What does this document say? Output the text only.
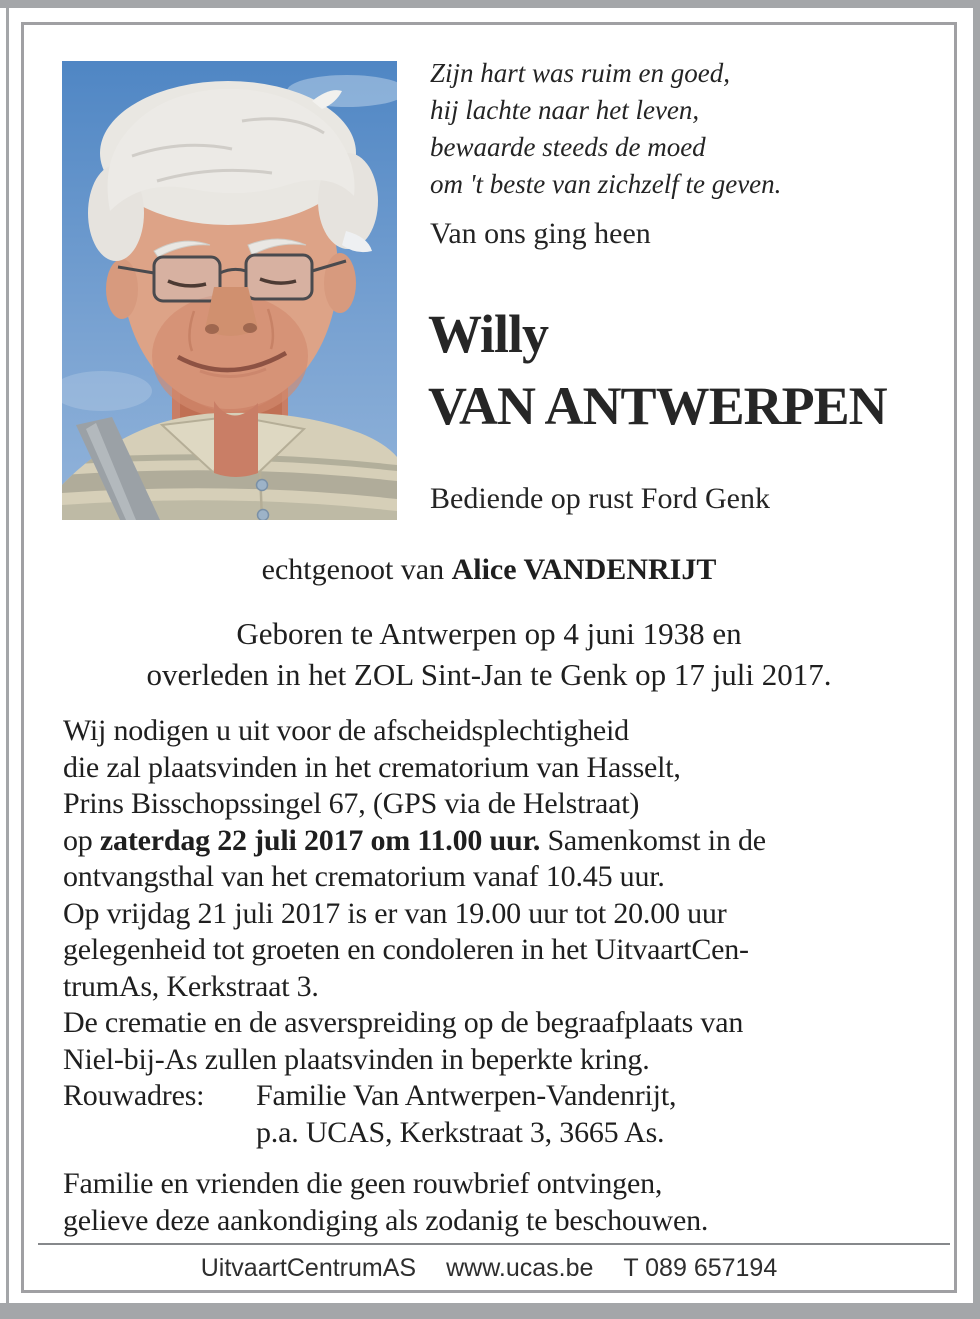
Zijn hart was ruim en goed,
hij lachte naar het leven,
bewaarde steeds de moed
om 't beste van zichzelf te geven.
Van ons ging heen
Willy
VAN ANTWERPEN
Bediende op rust Ford Genk
echtgenoot van Alice VANDENRIJT
Geboren te Antwerpen op 4 juni 1938 en
overleden in het ZOL Sint-Jan te Genk op 17 juli 2017.
Wij nodigen u uit voor de afscheidsplechtigheid
die zal plaatsvinden in het crematorium van Hasselt,
Prins Bisschopssingel 67, (GPS via de Helstraat)
op zaterdag 22 juli 2017 om 11.00 uur. Samenkomst in de
ontvangsthal van het crematorium vanaf 10.45 uur.
Op vrijdag 21 juli 2017 is er van 19.00 uur tot 20.00 uur
gelegenheid tot groeten en condoleren in het UitvaartCen-
trumAs, Kerkstraat 3.
De crematie en de asverspreiding op de begraafplaats van
Niel-bij-As zullen plaatsvinden in beperkte kring.
Rouwadres: Familie Van Antwerpen-Vandenrijt,
p.a. UCAS, Kerkstraat 3, 3665 As.
Familie en vrienden die geen rouwbrief ontvingen,
gelieve deze aankondiging als zodanig te beschouwen.
UitvaartCentrumAS www.ucas.be T 089 657194
